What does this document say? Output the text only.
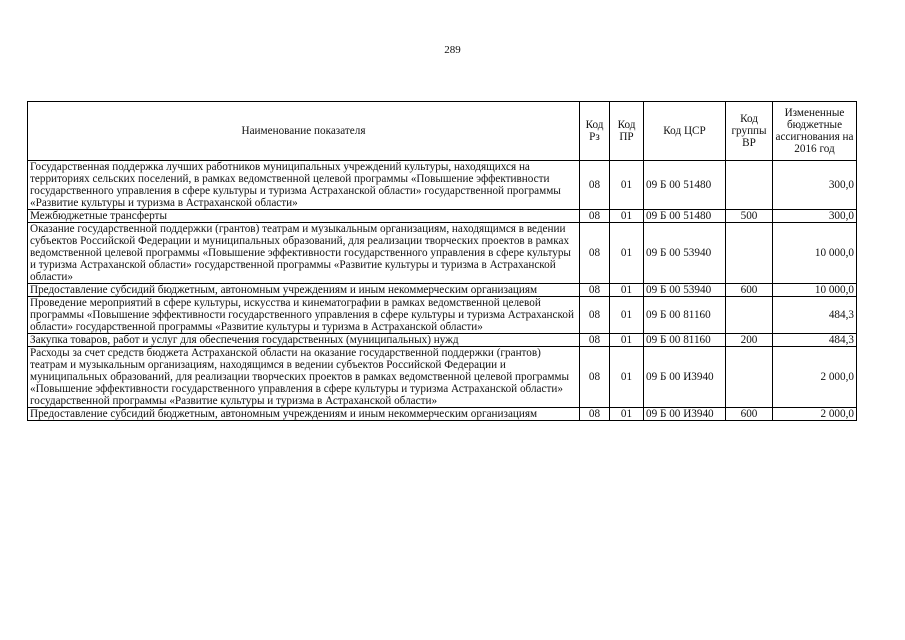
289
Наименование показателя	Код Рз	Код ПР	Код ЦСР	Код группы ВР	Измененные бюджетные ассигнования на 2016 год
Государственная поддержка лучших работников муниципальных учреждений культуры, находящихся на территориях сельских поселений, в рамках ведомственной целевой программы «Повышение эффективности государственного управления в сфере культуры и туризма Астраханской области» государственной программы «Развитие культуры и туризма в Астраханской области»	08	01	09 Б 00 51480		300,0
Межбюджетные трансферты	08	01	09 Б 00 51480	500	300,0
Оказание государственной поддержки (грантов) театрам и музыкальным организациям, находящимся в ведении субъектов Российской Федерации и муниципальных образований, для реализации творческих проектов в рамках ведомственной целевой программы «Повышение эффективности государственного управления в сфере культуры и туризма Астраханской области» государственной программы «Развитие культуры и туризма в Астраханской области»	08	01	09 Б 00 53940		10 000,0
Предоставление субсидий бюджетным, автономным учреждениям и иным некоммерческим организациям	08	01	09 Б 00 53940	600	10 000,0
Проведение мероприятий в сфере культуры, искусства и кинематографии в рамках ведомственной целевой программы «Повышение эффективности государственного управления в сфере культуры и туризма Астраханской области» государственной программы «Развитие культуры и туризма в Астраханской области»	08	01	09 Б 00 81160		484,3
Закупка товаров, работ и услуг для обеспечения государственных (муниципальных) нужд	08	01	09 Б 00 81160	200	484,3
Расходы за счет средств бюджета Астраханской области на оказание государственной поддержки (грантов) театрам и музыкальным организациям, находящимся в ведении субъектов Российской Федерации и муниципальных образований, для реализации творческих проектов в рамках ведомственной целевой программы «Повышение эффективности государственного управления в сфере культуры и туризма Астраханской области» государственной программы «Развитие культуры и туризма в Астраханской области»	08	01	09 Б 00 И3940		2 000,0
Предоставление субсидий бюджетным, автономным учреждениям и иным некоммерческим организациям	08	01	09 Б 00 И3940	600	2 000,0
